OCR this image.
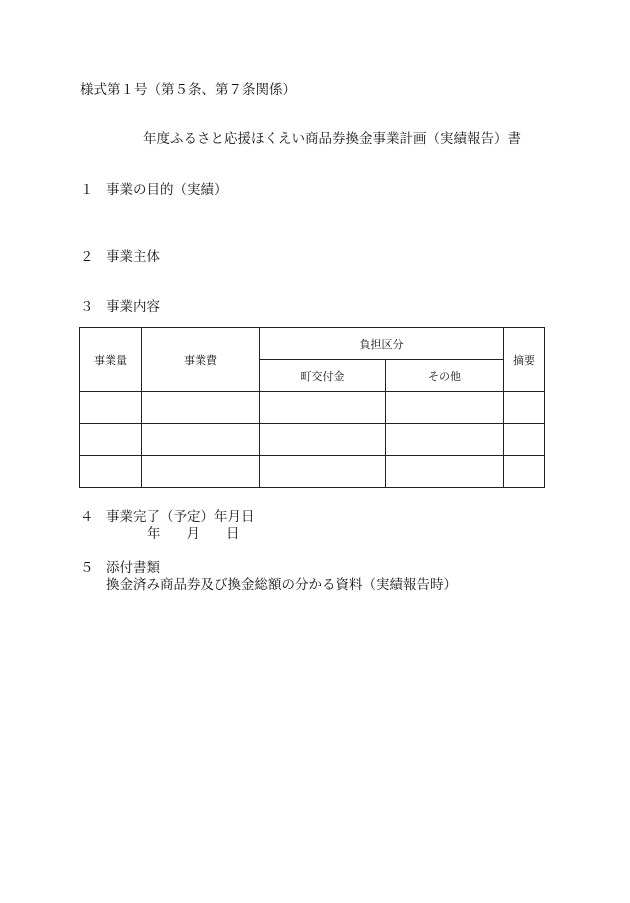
様式第１号（第５条、第７条関係）
年度ふるさと応援ほくえい商品券換金事業計画（実績報告）書
１ 事業の目的（実績）
２ 事業主体
３ 事業内容
事業量	事業費	負担区分		摘要
		町交付金	その他	

４ 事業完了（予定）年月日
年 月 日
５ 添付書類
換金済み商品券及び換金総額の分かる資料（実績報告時）
